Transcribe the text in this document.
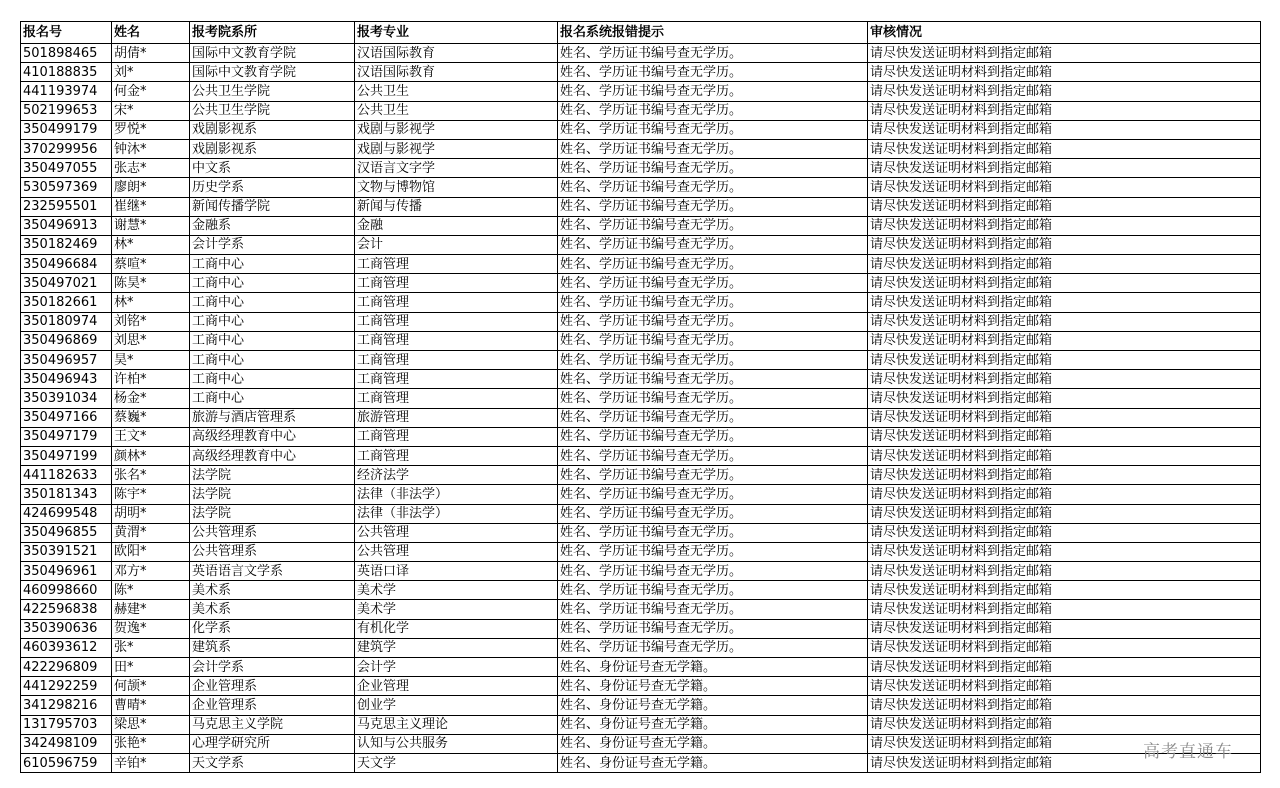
报名号	姓名	报考院系所	报考专业	报名系统报错提示	审核情况
501898465	胡倩*	国际中文教育学院	汉语国际教育	姓名、学历证书编号查无学历。	请尽快发送证明材料到指定邮箱
410188835	刘*	国际中文教育学院	汉语国际教育	姓名、学历证书编号查无学历。	请尽快发送证明材料到指定邮箱
441193974	何金*	公共卫生学院	公共卫生	姓名、学历证书编号查无学历。	请尽快发送证明材料到指定邮箱
502199653	宋*	公共卫生学院	公共卫生	姓名、学历证书编号查无学历。	请尽快发送证明材料到指定邮箱
350499179	罗悦*	戏剧影视系	戏剧与影视学	姓名、学历证书编号查无学历。	请尽快发送证明材料到指定邮箱
370299956	钟沐*	戏剧影视系	戏剧与影视学	姓名、学历证书编号查无学历。	请尽快发送证明材料到指定邮箱
350497055	张志*	中文系	汉语言文字学	姓名、学历证书编号查无学历。	请尽快发送证明材料到指定邮箱
530597369	廖朗*	历史学系	文物与博物馆	姓名、学历证书编号查无学历。	请尽快发送证明材料到指定邮箱
232595501	崔继*	新闻传播学院	新闻与传播	姓名、学历证书编号查无学历。	请尽快发送证明材料到指定邮箱
350496913	谢慧*	金融系	金融	姓名、学历证书编号查无学历。	请尽快发送证明材料到指定邮箱
350182469	林*	会计学系	会计	姓名、学历证书编号查无学历。	请尽快发送证明材料到指定邮箱
350496684	蔡喧*	工商中心	工商管理	姓名、学历证书编号查无学历。	请尽快发送证明材料到指定邮箱
350497021	陈昊*	工商中心	工商管理	姓名、学历证书编号查无学历。	请尽快发送证明材料到指定邮箱
350182661	林*	工商中心	工商管理	姓名、学历证书编号查无学历。	请尽快发送证明材料到指定邮箱
350180974	刘铭*	工商中心	工商管理	姓名、学历证书编号查无学历。	请尽快发送证明材料到指定邮箱
350496869	刘思*	工商中心	工商管理	姓名、学历证书编号查无学历。	请尽快发送证明材料到指定邮箱
350496957	昊*	工商中心	工商管理	姓名、学历证书编号查无学历。	请尽快发送证明材料到指定邮箱
350496943	许柏*	工商中心	工商管理	姓名、学历证书编号查无学历。	请尽快发送证明材料到指定邮箱
350391034	杨金*	工商中心	工商管理	姓名、学历证书编号查无学历。	请尽快发送证明材料到指定邮箱
350497166	蔡巍*	旅游与酒店管理系	旅游管理	姓名、学历证书编号查无学历。	请尽快发送证明材料到指定邮箱
350497179	王文*	高级经理教育中心	工商管理	姓名、学历证书编号查无学历。	请尽快发送证明材料到指定邮箱
350497199	颜林*	高级经理教育中心	工商管理	姓名、学历证书编号查无学历。	请尽快发送证明材料到指定邮箱
441182633	张名*	法学院	经济法学	姓名、学历证书编号查无学历。	请尽快发送证明材料到指定邮箱
350181343	陈宇*	法学院	法律（非法学）	姓名、学历证书编号查无学历。	请尽快发送证明材料到指定邮箱
424699548	胡明*	法学院	法律（非法学）	姓名、学历证书编号查无学历。	请尽快发送证明材料到指定邮箱
350496855	黄渭*	公共管理系	公共管理	姓名、学历证书编号查无学历。	请尽快发送证明材料到指定邮箱
350391521	欧阳*	公共管理系	公共管理	姓名、学历证书编号查无学历。	请尽快发送证明材料到指定邮箱
350496961	邓方*	英语语言文学系	英语口译	姓名、学历证书编号查无学历。	请尽快发送证明材料到指定邮箱
460998660	陈*	美术系	美术学	姓名、学历证书编号查无学历。	请尽快发送证明材料到指定邮箱
422596838	赫建*	美术系	美术学	姓名、学历证书编号查无学历。	请尽快发送证明材料到指定邮箱
350390636	贺逸*	化学系	有机化学	姓名、学历证书编号查无学历。	请尽快发送证明材料到指定邮箱
460393612	张*	建筑系	建筑学	姓名、学历证书编号查无学历。	请尽快发送证明材料到指定邮箱
422296809	田*	会计学系	会计学	姓名、身份证号查无学籍。	请尽快发送证明材料到指定邮箱
441292259	何颉*	企业管理系	企业管理	姓名、身份证号查无学籍。	请尽快发送证明材料到指定邮箱
341298216	曹晴*	企业管理系	创业学	姓名、身份证号查无学籍。	请尽快发送证明材料到指定邮箱
131795703	梁思*	马克思主义学院	马克思主义理论	姓名、身份证号查无学籍。	请尽快发送证明材料到指定邮箱
342498109	张艳*	心理学研究所	认知与公共服务	姓名、身份证号查无学籍。	请尽快发送证明材料到指定邮箱
610596759	辛铂*	天文学系	天文学	姓名、身份证号查无学籍。	请尽快发送证明材料到指定邮箱
高考直通车
